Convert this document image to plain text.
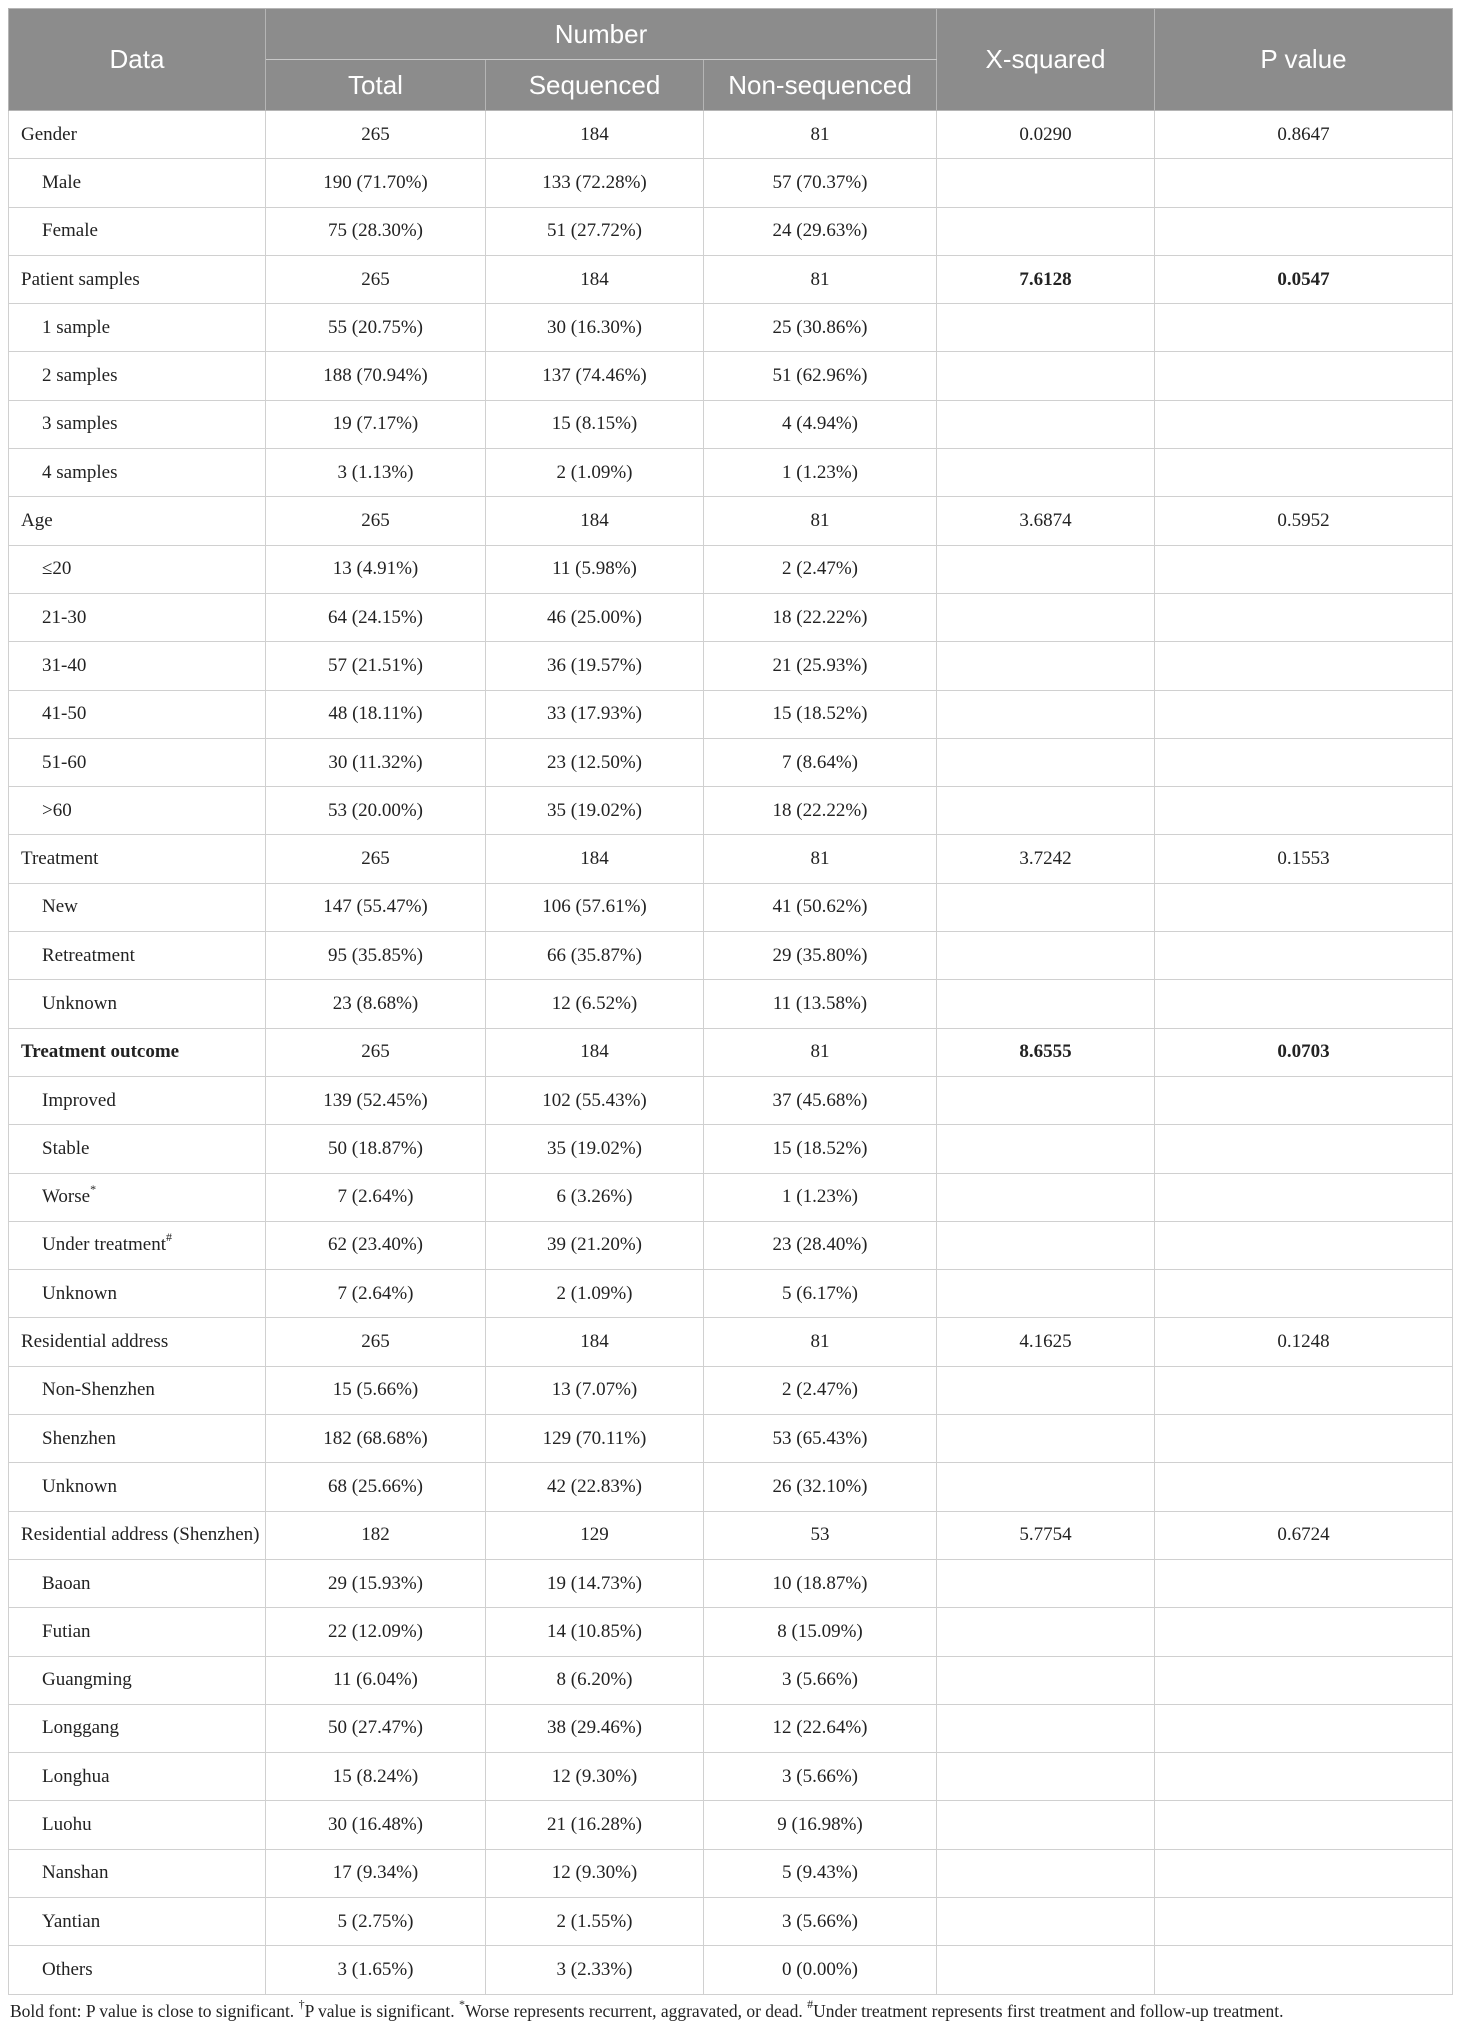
Data	Number			X-squared	P value
	Total	Sequenced	Non-sequenced		
Gender	265	184	81	0.0290	0.8647
Male	190 (71.70%)	133 (72.28%)	57 (70.37%)		
Female	75 (28.30%)	51 (27.72%)	24 (29.63%)		
Patient samples	265	184	81	7.6128	0.0547
1 sample	55 (20.75%)	30 (16.30%)	25 (30.86%)		
2 samples	188 (70.94%)	137 (74.46%)	51 (62.96%)		
3 samples	19 (7.17%)	15 (8.15%)	4 (4.94%)		
4 samples	3 (1.13%)	2 (1.09%)	1 (1.23%)		
Age	265	184	81	3.6874	0.5952
≤20	13 (4.91%)	11 (5.98%)	2 (2.47%)		
21-30	64 (24.15%)	46 (25.00%)	18 (22.22%)		
31-40	57 (21.51%)	36 (19.57%)	21 (25.93%)		
41-50	48 (18.11%)	33 (17.93%)	15 (18.52%)		
51-60	30 (11.32%)	23 (12.50%)	7 (8.64%)		
>60	53 (20.00%)	35 (19.02%)	18 (22.22%)		
Treatment	265	184	81	3.7242	0.1553
New	147 (55.47%)	106 (57.61%)	41 (50.62%)		
Retreatment	95 (35.85%)	66 (35.87%)	29 (35.80%)		
Unknown	23 (8.68%)	12 (6.52%)	11 (13.58%)		
Treatment outcome	265	184	81	8.6555	0.0703
Improved	139 (52.45%)	102 (55.43%)	37 (45.68%)		
Stable	50 (18.87%)	35 (19.02%)	15 (18.52%)		
Worse*	7 (2.64%)	6 (3.26%)	1 (1.23%)		
Under treatment#	62 (23.40%)	39 (21.20%)	23 (28.40%)		
Unknown	7 (2.64%)	2 (1.09%)	5 (6.17%)		
Residential address	265	184	81	4.1625	0.1248
Non-Shenzhen	15 (5.66%)	13 (7.07%)	2 (2.47%)		
Shenzhen	182 (68.68%)	129 (70.11%)	53 (65.43%)		
Unknown	68 (25.66%)	42 (22.83%)	26 (32.10%)		
Residential address (Shenzhen)	182	129	53	5.7754	0.6724
Baoan	29 (15.93%)	19 (14.73%)	10 (18.87%)		
Futian	22 (12.09%)	14 (10.85%)	8 (15.09%)		
Guangming	11 (6.04%)	8 (6.20%)	3 (5.66%)		
Longgang	50 (27.47%)	38 (29.46%)	12 (22.64%)		
Longhua	15 (8.24%)	12 (9.30%)	3 (5.66%)		
Luohu	30 (16.48%)	21 (16.28%)	9 (16.98%)		
Nanshan	17 (9.34%)	12 (9.30%)	5 (9.43%)		
Yantian	5 (2.75%)	2 (1.55%)	3 (5.66%)		
Others	3 (1.65%)	3 (2.33%)	0 (0.00%)		
Bold font: P value is close to significant. †P value is significant. *Worse represents recurrent, aggravated, or dead. #Under treatment represents first treatment and follow-up treatment.
